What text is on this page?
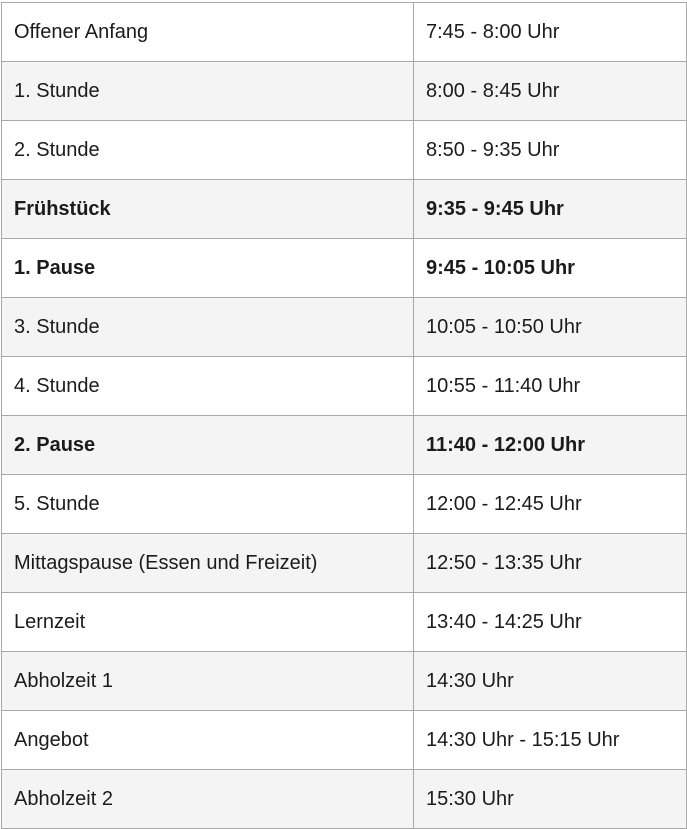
Offener Anfang	7:45 - 8:00 Uhr
1. Stunde	8:00 - 8:45 Uhr
2. Stunde	8:50 - 9:35 Uhr
Frühstück	9:35 - 9:45 Uhr
1. Pause	9:45 - 10:05 Uhr
3. Stunde	10:05 - 10:50 Uhr
4. Stunde	10:55 - 11:40 Uhr
2. Pause	11:40 - 12:00 Uhr
5. Stunde	12:00 - 12:45 Uhr
Mittagspause (Essen und Freizeit)	12:50 - 13:35 Uhr
Lernzeit	13:40 - 14:25 Uhr
Abholzeit 1	14:30 Uhr
Angebot	14:30 Uhr - 15:15 Uhr
Abholzeit 2	15:30 Uhr
